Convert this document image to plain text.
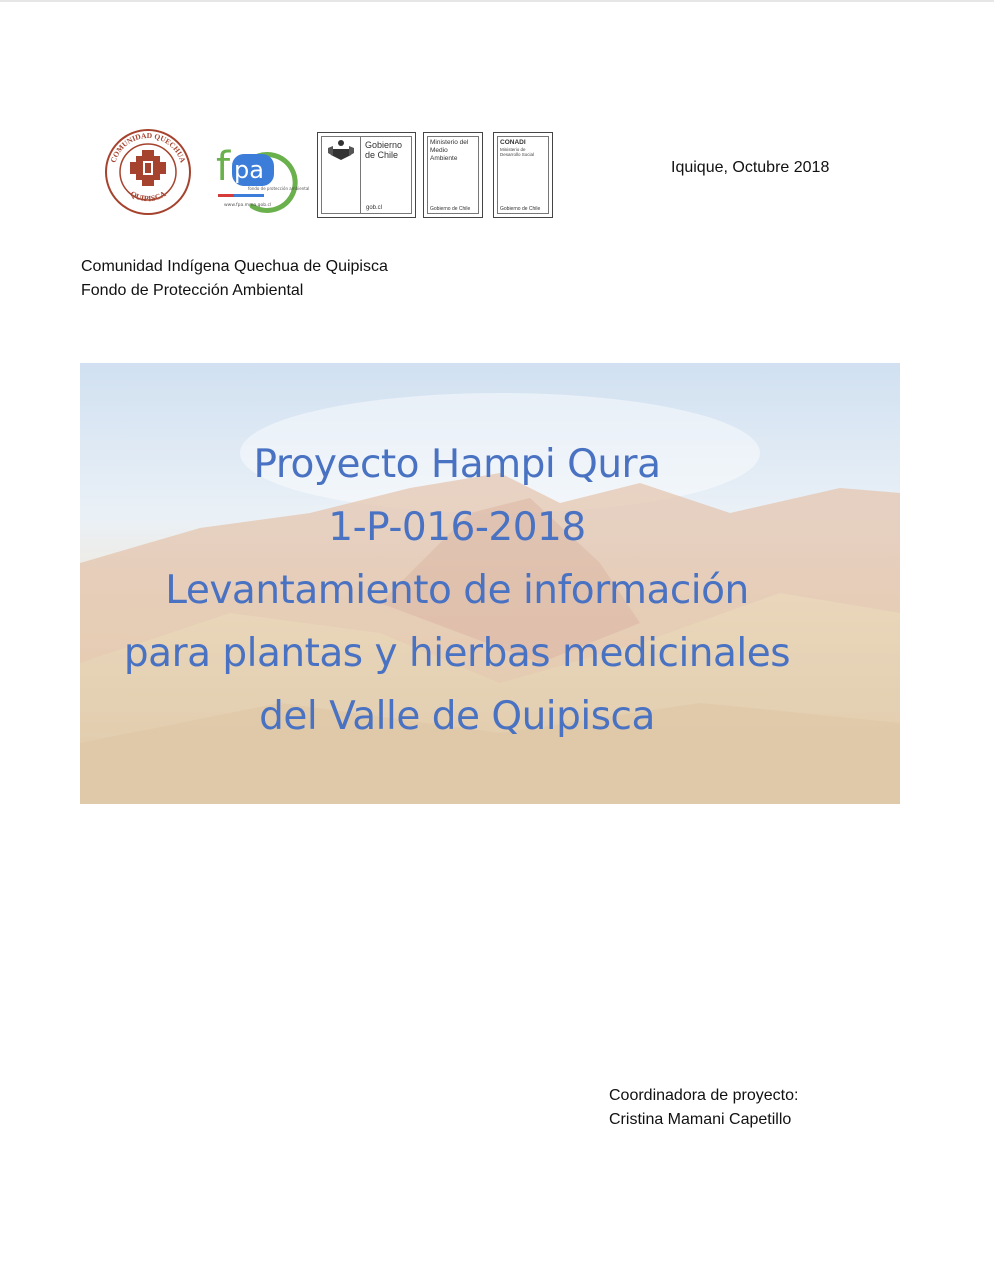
COMUNIDAD QUECHUA
QUIPISCA
f pa
fondo de protección ambiental
www.fpa.mma.gob.cl
Gobierno
de Chile
gob.cl
Ministerio del
Medio
Ambiente
Gobierno de Chile
CONADI
Ministerio de
Desarrollo Social
Gobierno de Chile
Iquique, Octubre 2018
Comunidad Indígena Quechua de Quipisca
Fondo de Protección Ambiental
Proyecto Hampi Qura
1-P-016-2018
Levantamiento de información
para plantas y hierbas medicinales
del Valle de Quipisca
Coordinadora de proyecto:
Cristina Mamani Capetillo
